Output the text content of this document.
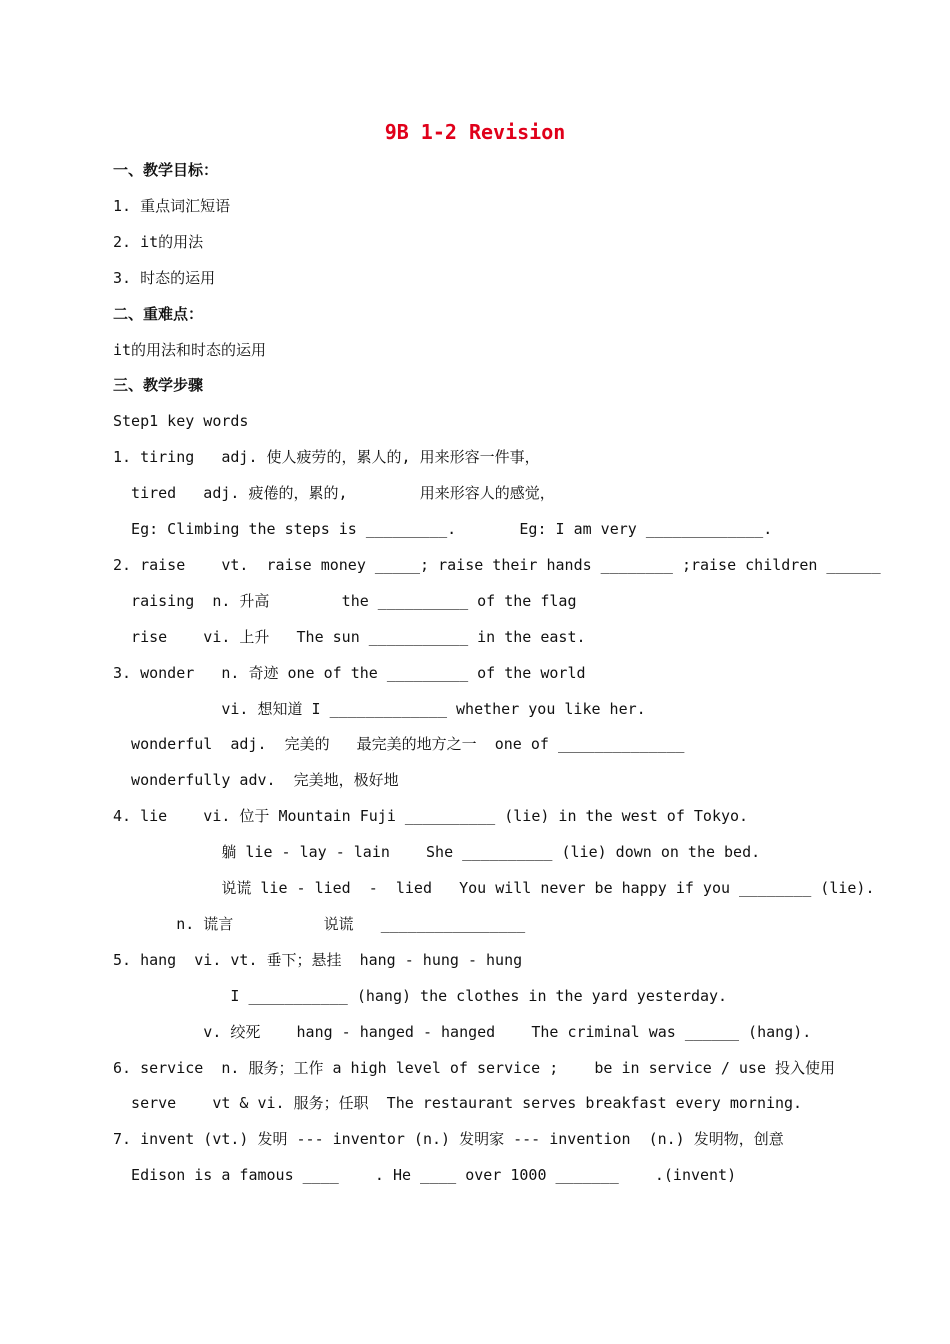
9B 1-2 Revision
一、教学目标：
1. 重点词汇短语
2. it的用法
3. 时态的运用
二、重难点：
it的用法和时态的运用
三、教学步骤
Step1 key words
1. tiring   adj. 使人疲劳的，累人的, 用来形容一件事，
tired   adj. 疲倦的，累的,        用来形容人的感觉，
Eg: Climbing the steps is _________.       Eg: I am very _____________.
2. raise    vt.  raise money _____; raise their hands ________ ;raise children ______
raising  n. 升高        the __________ of the flag
rise    vi. 上升   The sun ___________ in the east.
3. wonder   n. 奇迹 one of the _________ of the world
vi. 想知道 I _____________ whether you like her.
wonderful  adj.  完美的   最完美的地方之一  one of ______________
wonderfully adv.  完美地，极好地
4. lie    vi. 位于 Mountain Fuji __________ (lie) in the west of Tokyo.
躺 lie - lay - lain    She __________ (lie) down on the bed.
说谎 lie - lied  -  lied   You will never be happy if you ________ (lie).
n. 谎言          说谎   ________________
5. hang  vi. vt. 垂下；悬挂  hang - hung - hung
I ___________ (hang) the clothes in the yard yesterday.
v. 绞死    hang - hanged - hanged    The criminal was ______ (hang).
6. service  n. 服务；工作 a high level of service ;    be in service / use 投入使用
serve    vt & vi. 服务；任职  The restaurant serves breakfast every morning.
7. invent (vt.) 发明 --- inventor (n.) 发明家 --- invention  (n.) 发明物，创意
Edison is a famous ____    . He ____ over 1000 _______    .(invent)
